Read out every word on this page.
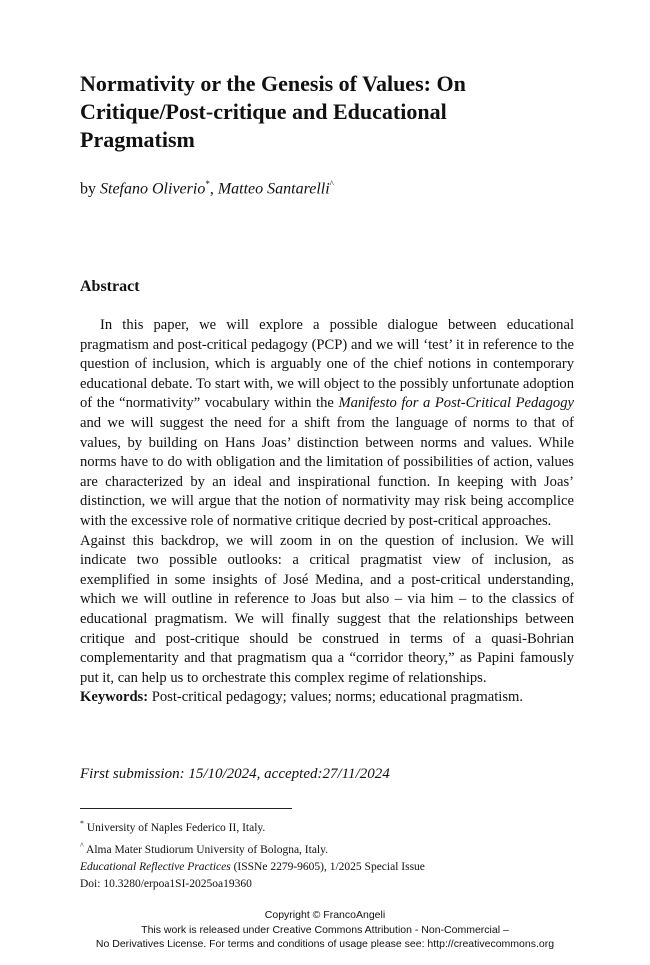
Normativity or the Genesis of Values: On
Critique/Post-critique and Educational
Pragmatism
by Stefano Oliverio*, Matteo Santarelli^
Abstract

In this paper, we will explore a possible dialogue between educational pragmatism and post-critical pedagogy (PCP) and we will ‘test’ it in reference to the question of inclusion, which is arguably one of the chief notions in contemporary educational debate. To start with, we will object to the possibly unfortunate adoption of the “normativity” vocabulary within the Manifesto for a Post-Critical Pedagogy and we will suggest the need for a shift from the language of norms to that of values, by building on Hans Joas’ distinction between norms and values. While norms have to do with obligation and the limitation of possibilities of action, values are characterized by an ideal and inspirational function. In keeping with Joas’ distinction, we will argue that the notion of normativity may risk being accomplice with the excessive role of normative critique decried by post-critical approaches.

Against this backdrop, we will zoom in on the question of inclusion. We will indicate two possible outlooks: a critical pragmatist view of inclusion, as exemplified in some insights of José Medina, and a post-critical understanding, which we will outline in reference to Joas but also – via him – to the classics of educational pragmatism. We will finally suggest that the relationships between critique and post-critique should be construed in terms of a quasi-Bohrian complementarity and that pragmatism qua a “corridor theory,” as Papini famously put it, can help us to orchestrate this complex regime of relationships.

Keywords: Post-critical pedagogy; values; norms; educational pragmatism.

First submission: 15/10/2024, accepted:27/11/2024
* University of Naples Federico II, Italy.
^ Alma Mater Studiorum University of Bologna, Italy.
Educational Reflective Practices (ISSNe 2279-9605), 1/2025 Special Issue
Doi: 10.3280/erpoa1SI-2025oa19360
Copyright © FrancoAngeli
This work is released under Creative Commons Attribution - Non-Commercial –
No Derivatives License. For terms and conditions of usage please see: http://creativecommons.org
